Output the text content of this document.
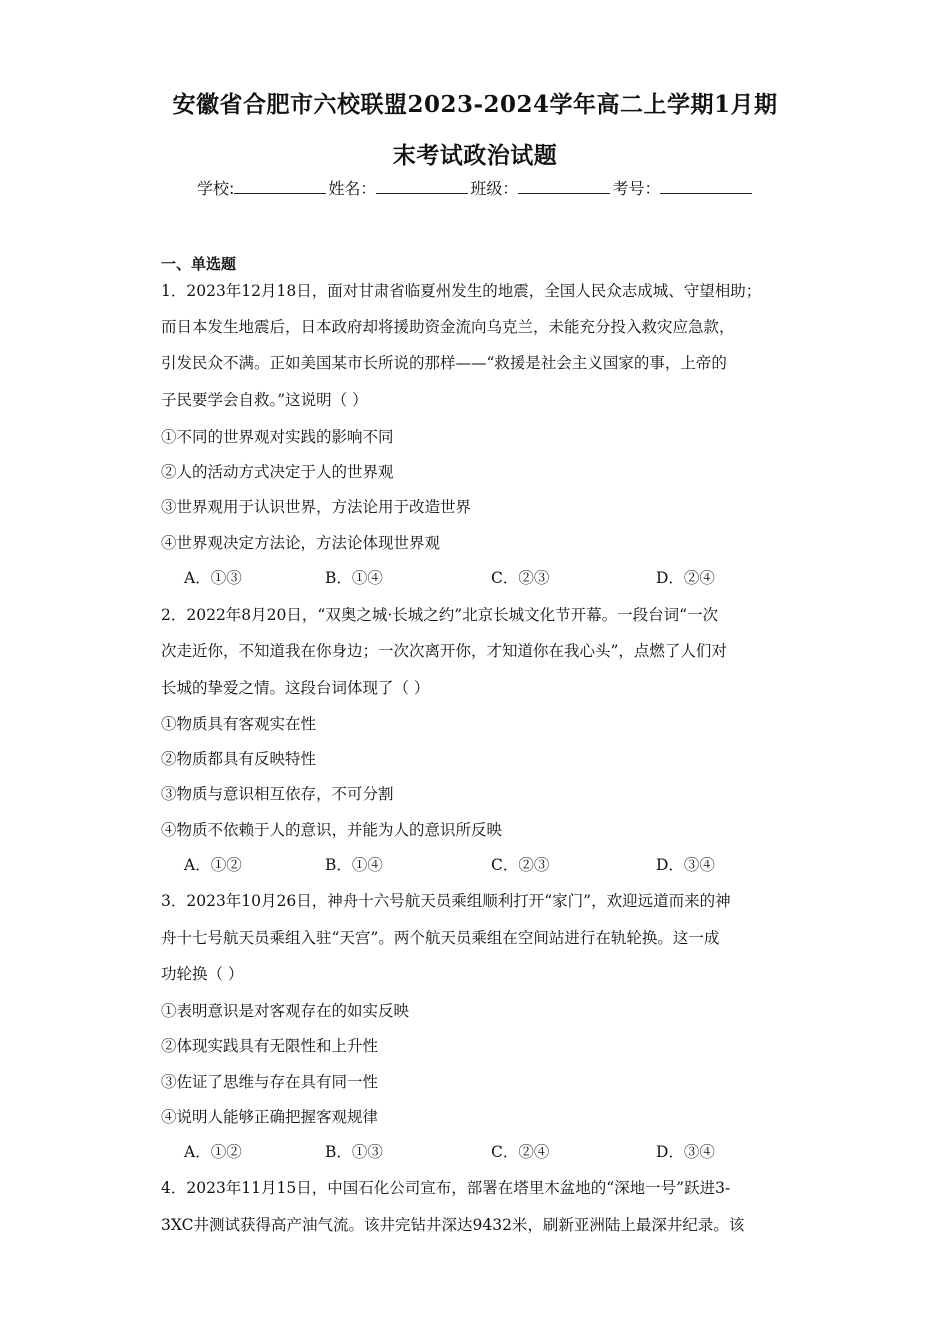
安徽省合肥市六校联盟2023-2024学年高二上学期1月期
末考试政治试题
学校:	姓名：	班级：	考号：
一、单选题
1．2023年12月18日，面对甘肃省临夏州发生的地震，全国人民众志成城、守望相助；
而日本发生地震后，日本政府却将援助资金流向乌克兰，未能充分投入救灾应急款，
引发民众不满。正如美国某市长所说的那样——“救援是社会主义国家的事，上帝的
子民要学会自救。”这说明（ ）
①不同的世界观对实践的影响不同
②人的活动方式决定于人的世界观
③世界观用于认识世界，方法论用于改造世界
④世界观决定方法论，方法论体现世界观
A．①③	B．①④	C．②③	D．②④
2．2022年8月20日，“双奥之城·长城之约”北京长城文化节开幕。一段台词“一次
次走近你，不知道我在你身边；一次次离开你，才知道你在我心头”，点燃了人们对
长城的挚爱之情。这段台词体现了（ ）
①物质具有客观实在性
②物质都具有反映特性
③物质与意识相互依存，不可分割
④物质不依赖于人的意识，并能为人的意识所反映
A．①②	B．①④	C．②③	D．③④
3．2023年10月26日，神舟十六号航天员乘组顺利打开“家门”，欢迎远道而来的神
舟十七号航天员乘组入驻“天宫”。两个航天员乘组在空间站进行在轨轮换。这一成
功轮换（ ）
①表明意识是对客观存在的如实反映
②体现实践具有无限性和上升性
③佐证了思维与存在具有同一性
④说明人能够正确把握客观规律
A．①②	B．①③	C．②④	D．③④
4．2023年11月15日，中国石化公司宣布，部署在塔里木盆地的“深地一号”跃进3-
3XC井测试获得高产油气流。该井完钻井深达9432米，刷新亚洲陆上最深井纪录。该
